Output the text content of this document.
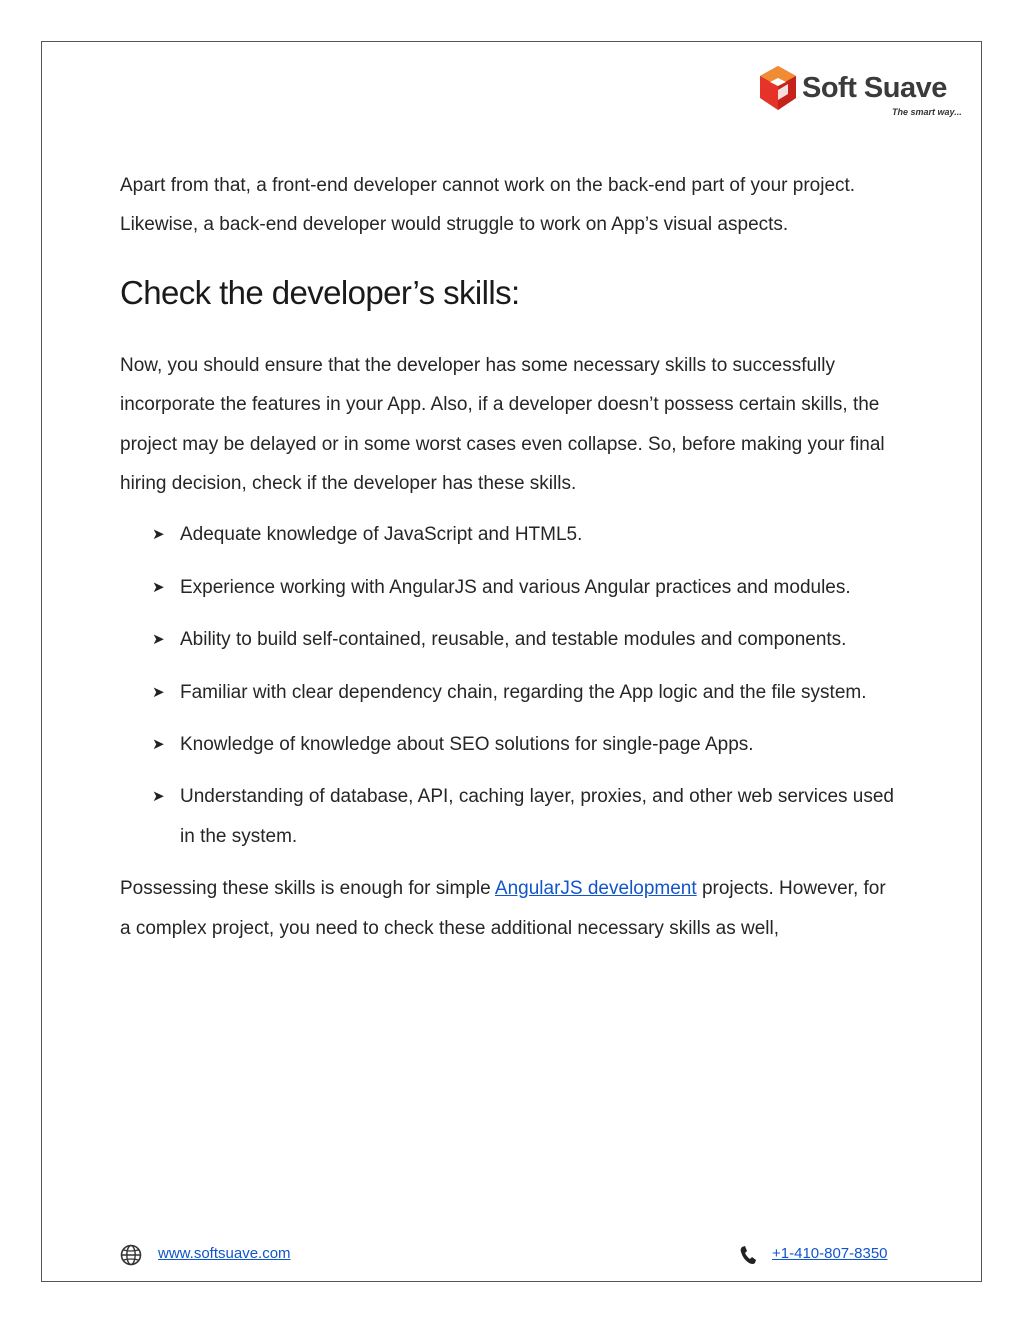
Soft Suave
The smart way...

Apart from that, a front-end developer cannot work on the back-end part of your project. Likewise, a back-end developer would struggle to work on App’s visual aspects.

Check the developer’s skills:

Now, you should ensure that the developer has some necessary skills to successfully incorporate the features in your App. Also, if a developer doesn’t possess certain skills, the project may be delayed or in some worst cases even collapse. So, before making your final hiring decision, check if the developer has these skills.

➤ Adequate knowledge of JavaScript and HTML5.
➤ Experience working with AngularJS and various Angular practices and modules.
➤ Ability to build self-contained, reusable, and testable modules and components.
➤ Familiar with clear dependency chain, regarding the App logic and the file system.
➤ Knowledge of knowledge about SEO solutions for single-page Apps.
➤ Understanding of database, API, caching layer, proxies, and other web services used in the system.

Possessing these skills is enough for simple AngularJS development projects. However, for a complex project, you need to check these additional necessary skills as well,

www.softsuave.com	+1-410-807-8350
